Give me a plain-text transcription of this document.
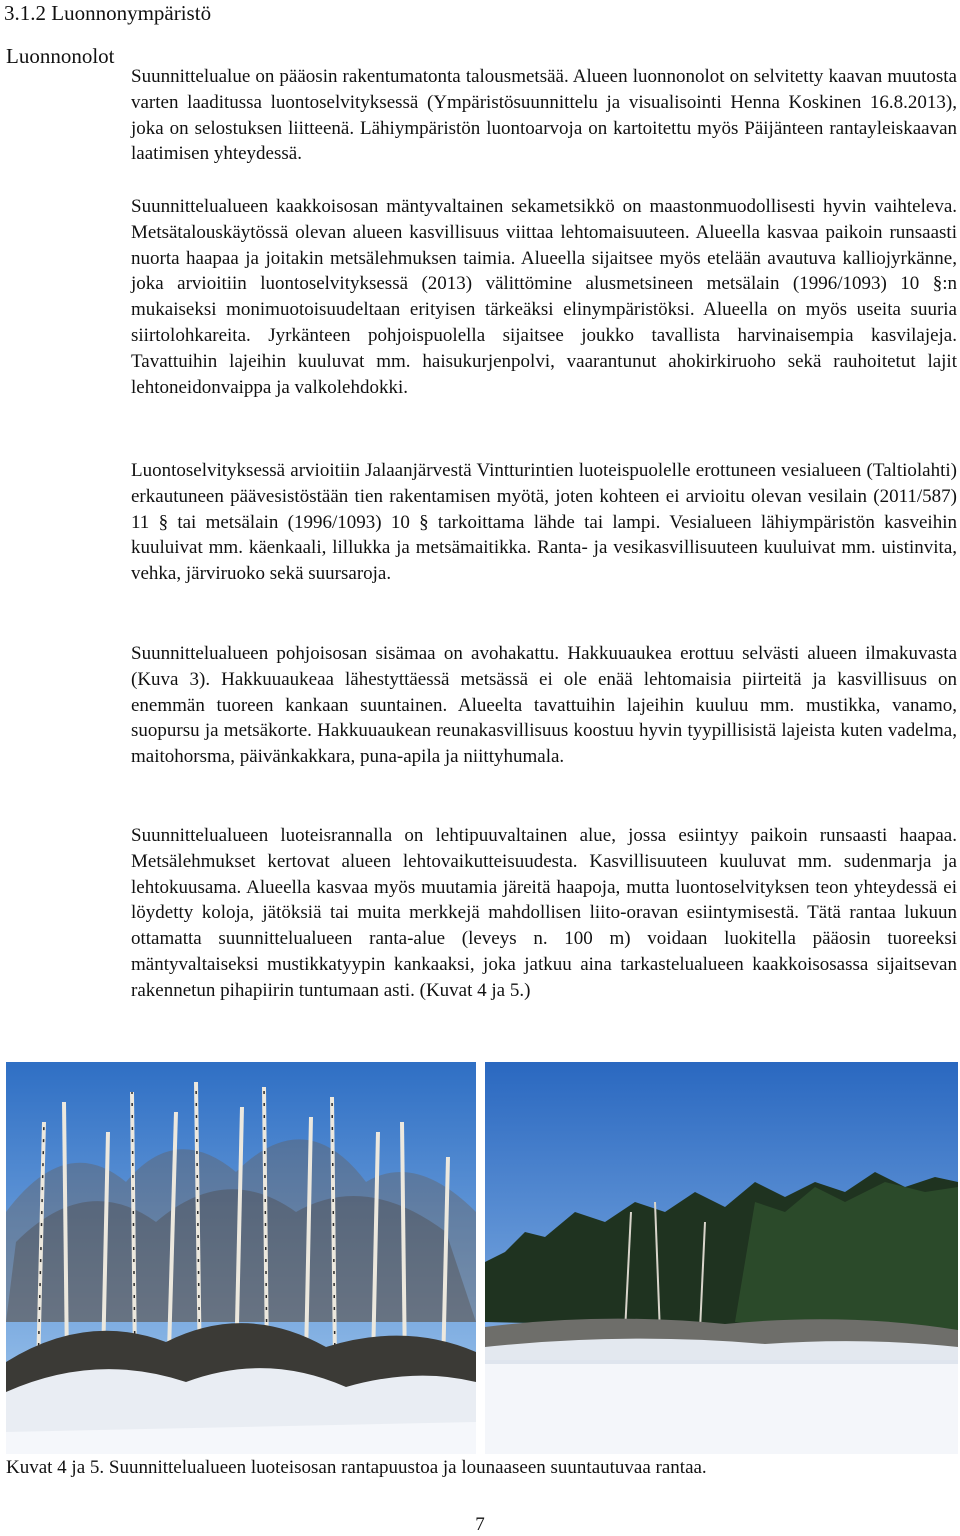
3.1.2 Luonnonympäristö
Luonnonolot
Suunnittelualue on pääosin rakentumatonta talousmetsää. Alueen luonnonolot on selvitetty kaavan muutosta varten laaditussa luontoselvityksessä (Ympäristösuunnittelu ja visualisointi Henna Koskinen 16.8.2013), joka on selostuksen liitteenä. Lähiympäristön luontoarvoja on kartoitettu myös Päijänteen rantayleiskaavan laatimisen yhteydessä.
Suunnittelualueen kaakkoisosan mäntyvaltainen sekametsikkö on maastonmuodollisesti hyvin vaihteleva. Metsätalouskäytössä olevan alueen kasvillisuus viittaa lehtomaisuuteen. Alueella kasvaa paikoin runsaasti nuorta haapaa ja joitakin metsälehmuksen taimia. Alueella sijaitsee myös etelään avautuva kalliojyrkänne, joka arvioitiin luontoselvityksessä (2013) välittömine alusmetsineen metsälain (1996/1093) 10 §:n mukaiseksi monimuotoisuudeltaan erityisen tärkeäksi elinympäristöksi. Alueella on myös useita suuria siirtolohkareita. Jyrkänteen pohjoispuolella sijaitsee joukko tavallista harvinaisempia kasvilajeja. Tavattuihin lajeihin kuuluvat mm. haisukurjenpolvi, vaarantunut ahokirkiruoho sekä rauhoitetut lajit lehtoneidonvaippa ja valkolehdokki.
Luontoselvityksessä arvioitiin Jalaanjärvestä Vintturintien luoteispuolelle erottuneen vesialueen (Taltiolahti) erkautuneen päävesistöstään tien rakentamisen myötä, joten kohteen ei arvioitu olevan vesilain (2011/587) 11 § tai metsälain (1996/1093) 10 § tarkoittama lähde tai lampi. Vesialueen lähiympäristön kasveihin kuuluivat mm. käenkaali, lillukka ja metsämaitikka. Ranta- ja vesikasvillisuuteen kuuluivat mm. uistinvita, vehka, järviruoko sekä suursaroja.
Suunnittelualueen pohjoisosan sisämaa on avohakattu. Hakkuuaukea erottuu selvästi alueen ilmakuvasta (Kuva 3). Hakkuuaukeaa lähestyttäessä metsässä ei ole enää lehtomaisia piirteitä ja kasvillisuus on enemmän tuoreen kankaan suuntainen. Alueelta tavattuihin lajeihin kuuluu mm. mustikka, vanamo, suopursu ja metsäkorte. Hakkuuaukean reunakasvillisuus koostuu hyvin tyypillisistä lajeista kuten vadelma, maitohorsma, päivänkakkara, puna-apila ja niittyhumala.
Suunnittelualueen luoteisrannalla on lehtipuuvaltainen alue, jossa esiintyy paikoin runsaasti haapaa. Metsälehmukset kertovat alueen lehtovaikutteisuudesta. Kasvillisuuteen kuuluvat mm. sudenmarja ja lehtokuusama. Alueella kasvaa myös muutamia järeitä haapoja, mutta luontoselvityksen teon yhteydessä ei löydetty koloja, jätöksiä tai muita merkkejä mahdollisen liito-oravan esiintymisestä. Tätä rantaa lukuun ottamatta suunnittelualueen ranta-alue (leveys n. 100 m) voidaan luokitella pääosin tuoreeksi mäntyvaltaiseksi mustikkatyypin kankaaksi, joka jatkuu aina tarkastelualueen kaakkoisosassa sijaitsevan rakennetun pihapiirin tuntumaan asti. (Kuvat 4 ja 5.)
Kuvat 4 ja 5. Suunnittelualueen luoteisosan rantapuustoa ja lounaaseen suuntautuvaa rantaa.
7
